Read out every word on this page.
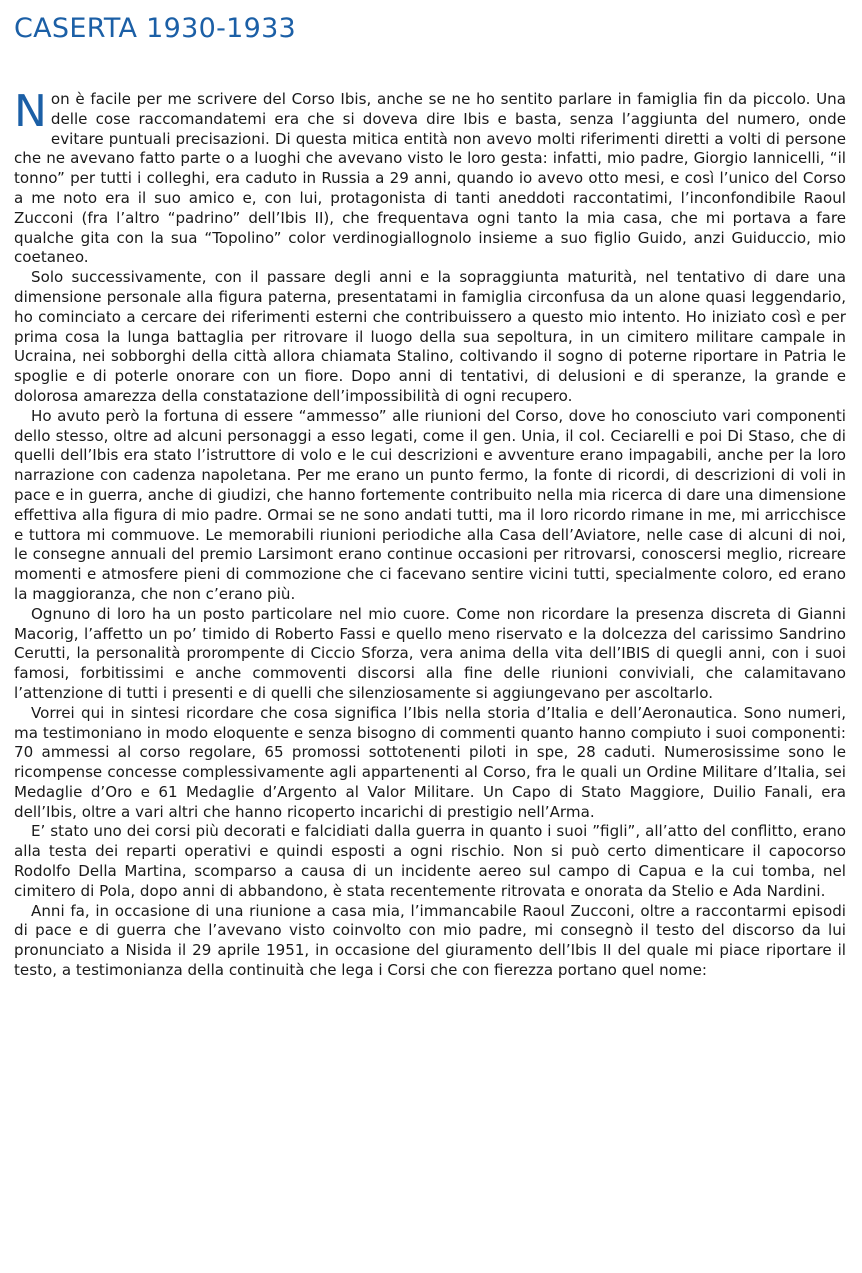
CASERTA 1930-1933

Non è facile per me scrivere del Corso Ibis, anche se ne ho sentito parlare in famiglia fin da piccolo. Una delle cose raccomandatemi era che si doveva dire Ibis e basta, senza l’aggiunta del numero, onde evitare puntuali precisazioni. Di questa mitica entità non avevo molti riferimenti diretti a volti di persone che ne avevano fatto parte o a luoghi che avevano visto le loro gesta: infatti, mio padre, Giorgio Iannicelli, “il tonno” per tutti i colleghi, era caduto in Russia a 29 anni, quando io avevo otto mesi, e così l’unico del Corso a me noto era il suo amico e, con lui, protagonista di tanti aneddoti raccontatimi, l’inconfondibile Raoul Zucconi (fra l’altro “padrino” dell’Ibis II), che frequentava ogni tanto la mia casa, che mi portava a fare qualche gita con la sua “Topolino” color verdinogiallognolo insieme a suo figlio Guido, anzi Guiduccio, mio coetaneo.

Solo successivamente, con il passare degli anni e la sopraggiunta maturità, nel tentativo di dare una dimensione personale alla figura paterna, presentatami in famiglia circonfusa da un alone quasi leggendario, ho cominciato a cercare dei riferimenti esterni che contribuissero a questo mio intento. Ho iniziato così e per prima cosa la lunga battaglia per ritrovare il luogo della sua sepoltura, in un cimitero militare campale in Ucraina, nei sobborghi della città allora chiamata Stalino, coltivando il sogno di poterne riportare in Patria le spoglie e di poterle onorare con un fiore. Dopo anni di tentativi, di delusioni e di speranze, la grande e dolorosa amarezza della constatazione dell’impossibilità di ogni recupero.

Ho avuto però la fortuna di essere “ammesso” alle riunioni del Corso, dove ho conosciuto vari componenti dello stesso, oltre ad alcuni personaggi a esso legati, come il gen. Unia, il col. Ceciarelli e poi Di Staso, che di quelli dell’Ibis era stato l’istruttore di volo e le cui descrizioni e avventure erano impagabili, anche per la loro narrazione con cadenza napoletana. Per me erano un punto fermo, la fonte di ricordi, di descrizioni di voli in pace e in guerra, anche di giudizi, che hanno fortemente contribuito nella mia ricerca di dare una dimensione effettiva alla figura di mio padre. Ormai se ne sono andati tutti, ma il loro ricordo rimane in me, mi arricchisce e tuttora mi commuove. Le memorabili riunioni periodiche alla Casa dell’Aviatore, nelle case di alcuni di noi, le consegne annuali del premio Larsimont erano continue occasioni per ritrovarsi, conoscersi meglio, ricreare momenti e atmosfere pieni di commozione che ci facevano sentire vicini tutti, specialmente coloro, ed erano la maggioranza, che non c’erano più.

Ognuno di loro ha un posto particolare nel mio cuore. Come non ricordare la presenza discreta di Gianni Macorig, l’affetto un po’ timido di Roberto Fassi e quello meno riservato e la dolcezza del carissimo Sandrino Cerutti, la personalità prorompente di Ciccio Sforza, vera anima della vita dell’IBIS di quegli anni, con i suoi famosi, forbitissimi e anche commoventi discorsi alla fine delle riunioni conviviali, che calamitavano l’attenzione di tutti i presenti e di quelli che silenziosamente si aggiungevano per ascoltarlo.

Vorrei qui in sintesi ricordare che cosa significa l’Ibis nella storia d’Italia e dell’Aeronautica. Sono numeri, ma testimoniano in modo eloquente e senza bisogno di commenti quanto hanno compiuto i suoi componenti: 70 ammessi al corso regolare, 65 promossi sottotenenti piloti in spe, 28 caduti. Numerosissime sono le ricompense concesse complessivamente agli appartenenti al Corso, fra le quali un Ordine Militare d’Italia, sei Medaglie d’Oro e 61 Medaglie d’Argento al Valor Militare. Un Capo di Stato Maggiore, Duilio Fanali, era dell’Ibis, oltre a vari altri che hanno ricoperto incarichi di prestigio nell’Arma.

E’ stato uno dei corsi più decorati e falcidiati dalla guerra in quanto i suoi ”figli”, all’atto del conflitto, erano alla testa dei reparti operativi e quindi esposti a ogni rischio. Non si può certo dimenticare il capocorso Rodolfo Della Martina, scomparso a causa di un incidente aereo sul campo di Capua e la cui tomba, nel cimitero di Pola, dopo anni di abbandono, è stata recentemente ritrovata e onorata da Stelio e Ada Nardini.

Anni fa, in occasione di una riunione a casa mia, l’immancabile Raoul Zucconi, oltre a raccontarmi episodi di pace e di guerra che l’avevano visto coinvolto con mio padre, mi consegnò il testo del discorso da lui pronunciato a Nisida il 29 aprile 1951, in occasione del giuramento dell’Ibis II del quale mi piace riportare il testo, a testimonianza della continuità che lega i Corsi che con fierezza portano quel nome:
